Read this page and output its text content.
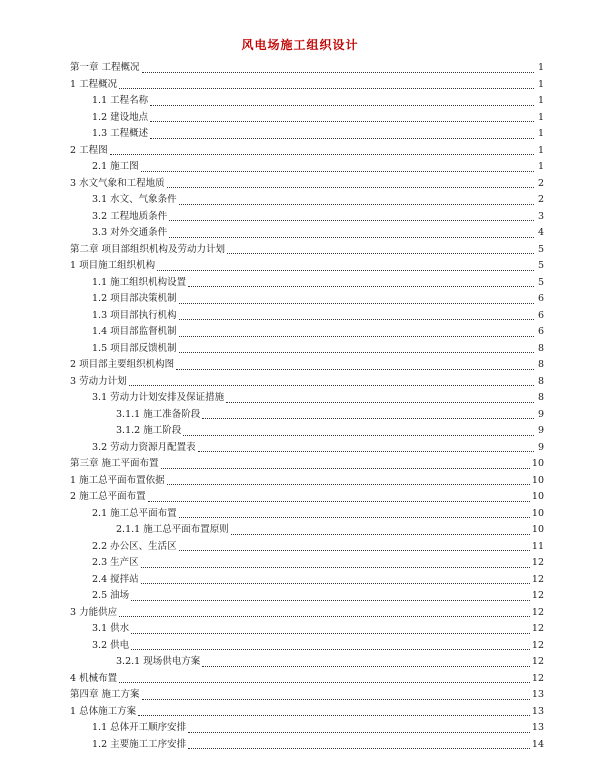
风电场施工组织设计
第一章 工程概况	1
1 工程概况	1
1.1 工程名称	1
1.2 建设地点	1
1.3 工程概述	1
2 工程图	1
2.1 施工图	1
3 水文气象和工程地质	2
3.1 水文、气象条件	2
3.2 工程地质条件	3
3.3 对外交通条件	4
第二章 项目部组织机构及劳动力计划	5
1 项目施工组织机构	5
1.1 施工组织机构设置	5
1.2 项目部决策机制	6
1.3 项目部执行机构	6
1.4 项目部监督机制	6
1.5 项目部反馈机制	8
2 项目部主要组织机构图	8
3 劳动力计划	8
3.1 劳动力计划安排及保证措施	8
3.1.1 施工准备阶段	9
3.1.2 施工阶段	9
3.2 劳动力资源月配置表	9
第三章 施工平面布置	10
1 施工总平面布置依据	10
2 施工总平面布置	10
2.1 施工总平面布置	10
2.1.1 施工总平面布置原则	10
2.2 办公区、生活区	11
2.3 生产区	12
2.4 搅拌站	12
2.5 油场	12
3 力能供应	12
3.1 供水	12
3.2 供电	12
3.2.1 现场供电方案	12
4 机械布置	12
第四章 施工方案	13
1 总体施工方案	13
1.1 总体开工顺序安排	13
1.2 主要施工工序安排	14
